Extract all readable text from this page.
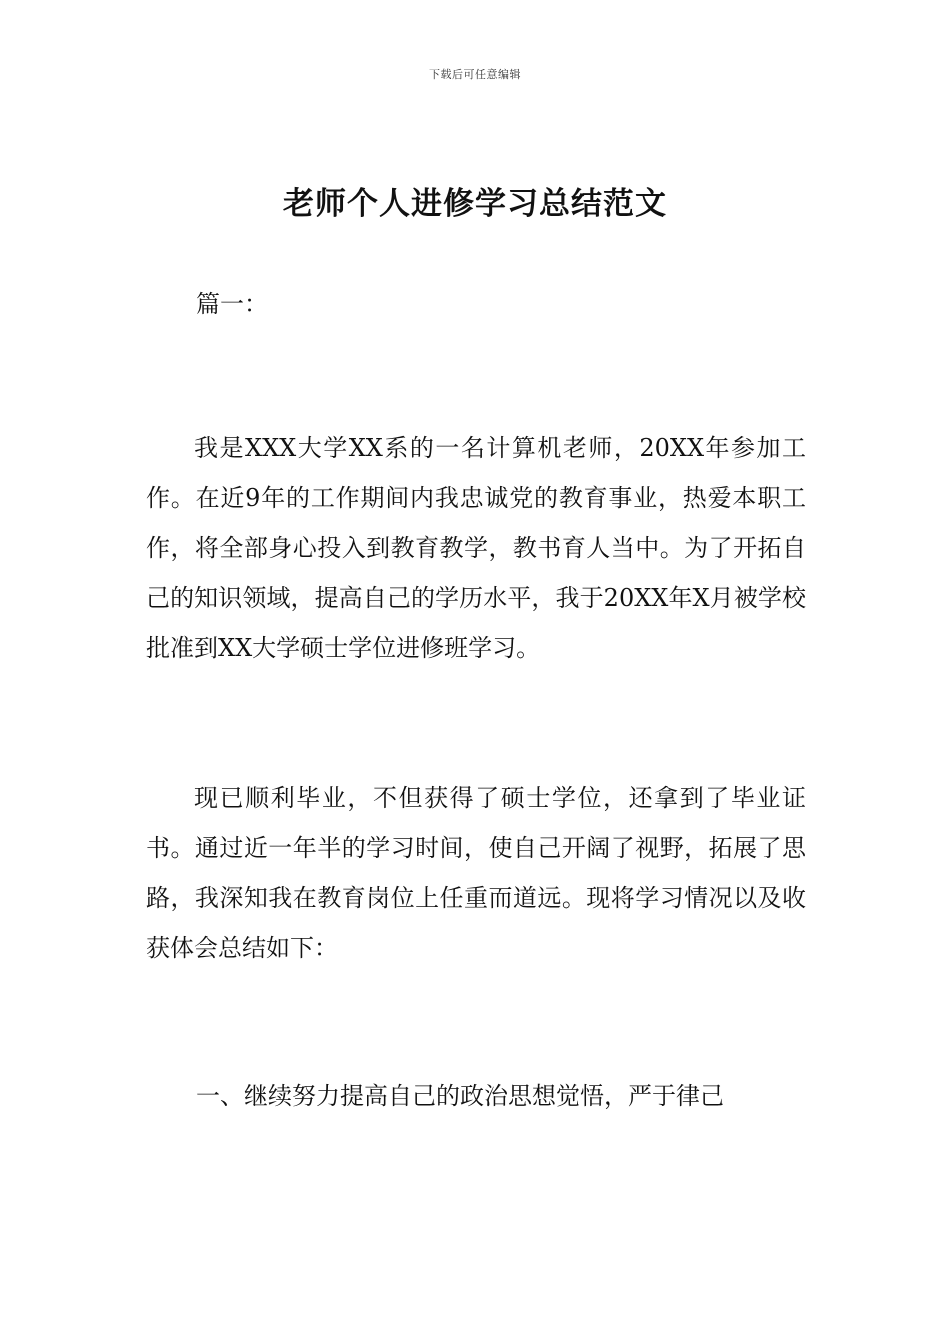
下载后可任意编辑
老师个人进修学习总结范文
篇一：

我是XXX大学XX系的一名计算机老师，20XX年参加工作。在近9年的工作期间内我忠诚党的教育事业，热爱本职工作，将全部身心投入到教育教学，教书育人当中。为了开拓自己的知识领域，提高自己的学历水平，我于20XX年X月被学校批准到XX大学硕士学位进修班学习。

现已顺利毕业，不但获得了硕士学位，还拿到了毕业证书。通过近一年半的学习时间，使自己开阔了视野，拓展了思路，我深知我在教育岗位上任重而道远。现将学习情况以及收获体会总结如下：

一、继续努力提高自己的政治思想觉悟，严于律己
